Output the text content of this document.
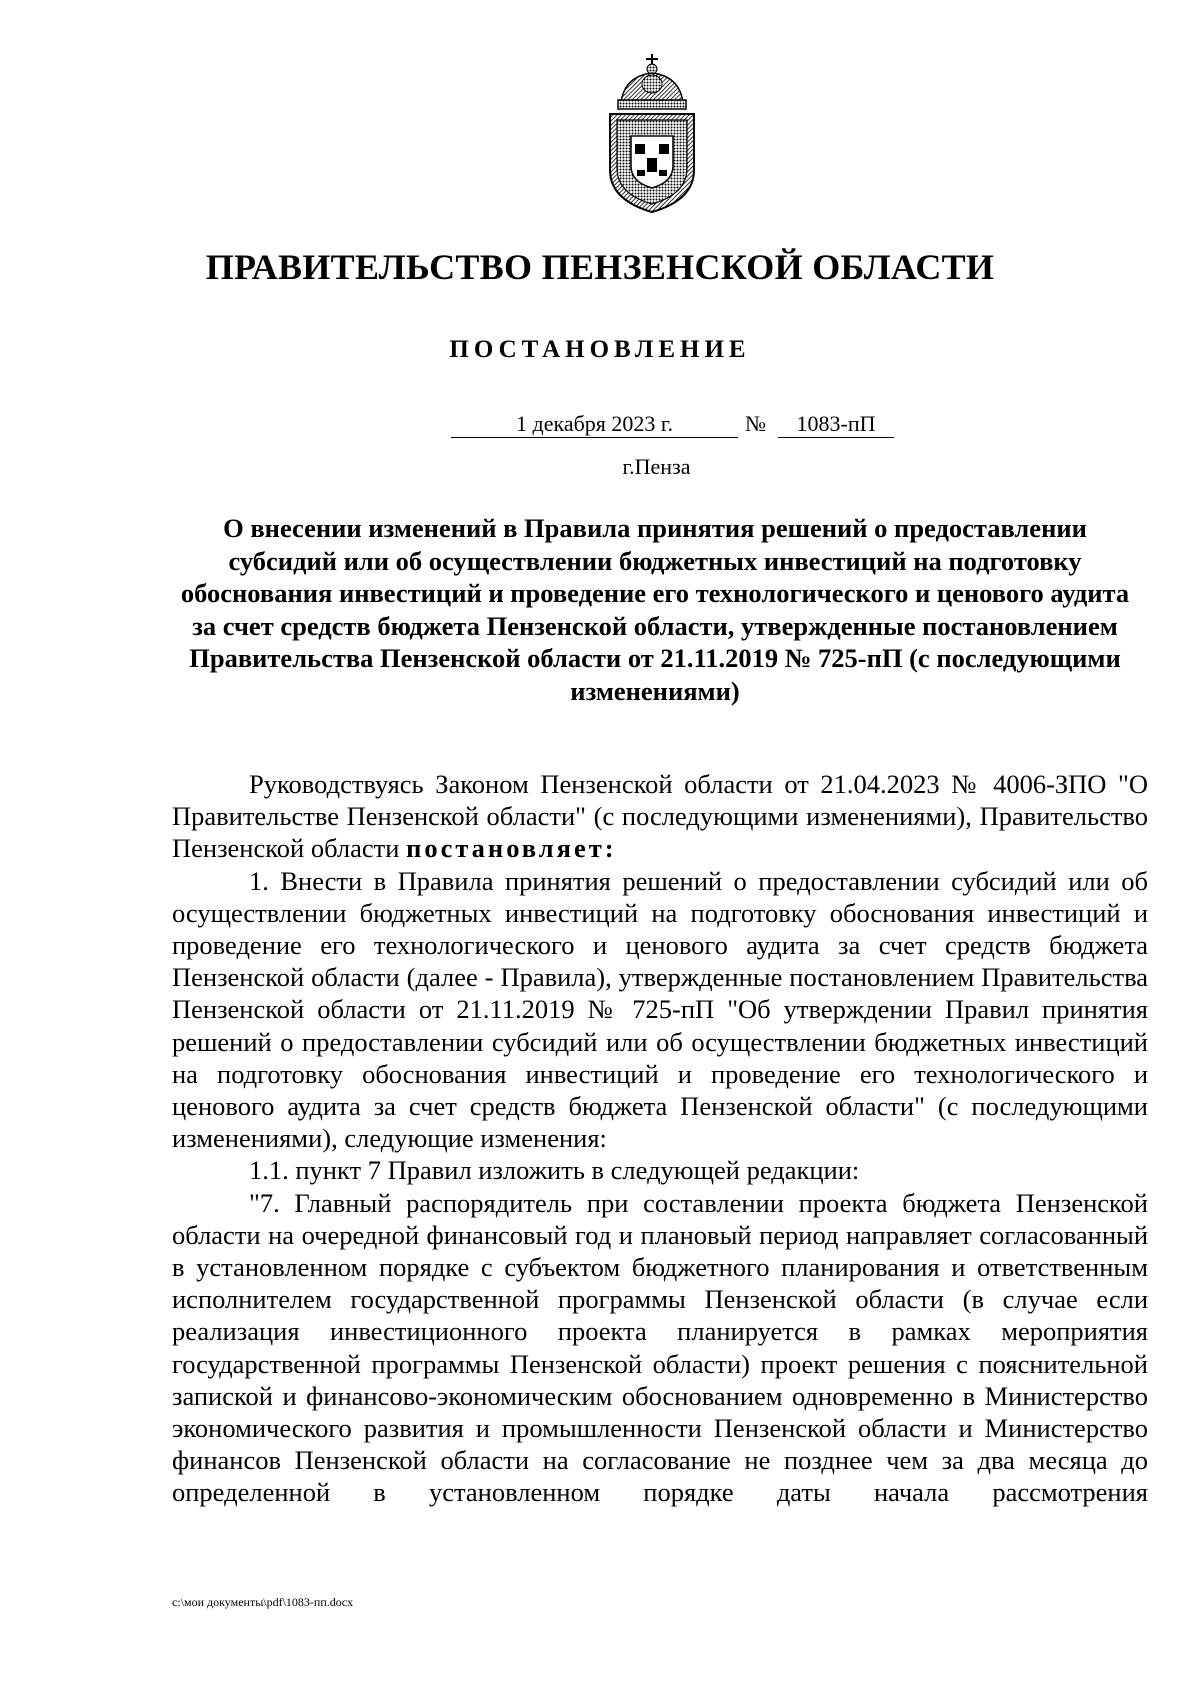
ПРАВИТЕЛЬСТВО ПЕНЗЕНСКОЙ ОБЛАСТИ
ПОСТАНОВЛЕНИЕ
1 декабря 2023 г.	№	1083-пП
г.Пенза
О внесении изменений в Правила принятия решений о предоставлении субсидий или об осуществлении бюджетных инвестиций на подготовку обоснования инвестиций и проведение его технологического и ценового аудита за счет средств бюджета Пензенской области, утвержденные постановлением Правительства Пензенской области от 21.11.2019 № 725-пП (с последующими изменениями)

Руководствуясь Законом Пензенской области от 21.04.2023 № 4006-ЗПО "О Правительстве Пензенской области" (с последующими изменениями), Правительство Пензенской области постановляет:

1. Внести в Правила принятия решений о предоставлении субсидий или об осуществлении бюджетных инвестиций на подготовку обоснования инвестиций и проведение его технологического и ценового аудита за счет средств бюджета Пензенской области (далее - Правила), утвержденные постановлением Правительства Пензенской области от 21.11.2019 № 725-пП "Об утверждении Правил принятия решений о предоставлении субсидий или об осуществлении бюджетных инвестиций на подготовку обоснования инвестиций и проведение его технологического и ценового аудита за счет средств бюджета Пензенской области" (с последующими изменениями), следующие изменения:

1.1. пункт 7 Правил изложить в следующей редакции:

"7. Главный распорядитель при составлении проекта бюджета Пензенской области на очередной финансовый год и плановый период направляет согласованный в установленном порядке с субъектом бюджетного планирования и ответственным исполнителем государственной программы Пензенской области (в случае если реализация инвестиционного проекта планируется в рамках мероприятия государственной программы Пензенской области) проект решения с пояснительной запиской и финансово-экономическим обоснованием одновременно в Министерство экономического развития и промышленности Пензенской области и Министерство финансов Пензенской области на согласование не позднее чем за два месяца до определенной в установленном порядке даты начала рассмотрения

c:\мои документы\pdf\1083-пп.docx
